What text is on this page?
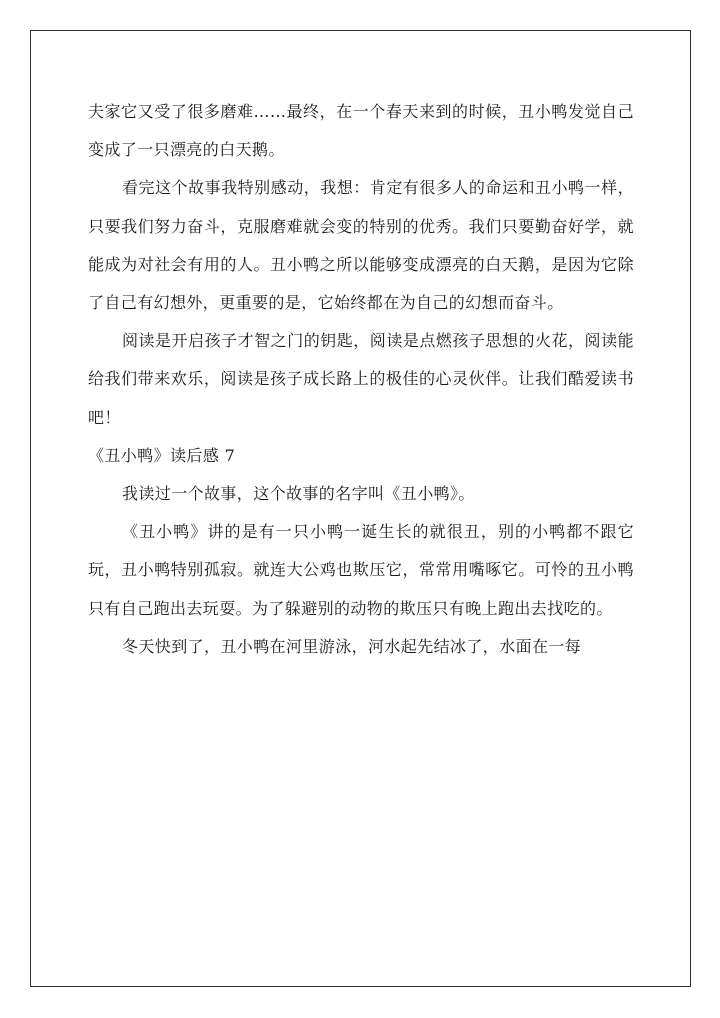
夫家它又受了很多磨难……最终，在一个春天来到的时候，丑小鸭发觉自己变成了一只漂亮的白天鹅。

看完这个故事我特别感动，我想：肯定有很多人的命运和丑小鸭一样，只要我们努力奋斗，克服磨难就会变的特别的优秀。我们只要勤奋好学，就能成为对社会有用的人。丑小鸭之所以能够变成漂亮的白天鹅，是因为它除了自己有幻想外，更重要的是，它始终都在为自己的幻想而奋斗。

阅读是开启孩子才智之门的钥匙，阅读是点燃孩子思想的火花，阅读能给我们带来欢乐，阅读是孩子成长路上的极佳的心灵伙伴。让我们酷爱读书吧！

《丑小鸭》读后感 7

我读过一个故事，这个故事的名字叫《丑小鸭》。

《丑小鸭》讲的是有一只小鸭一诞生长的就很丑，别的小鸭都不跟它玩，丑小鸭特别孤寂。就连大公鸡也欺压它，常常用嘴啄它。可怜的丑小鸭只有自己跑出去玩耍。为了躲避别的动物的欺压只有晚上跑出去找吃的。

冬天快到了，丑小鸭在河里游泳，河水起先结冰了，水面在一每
